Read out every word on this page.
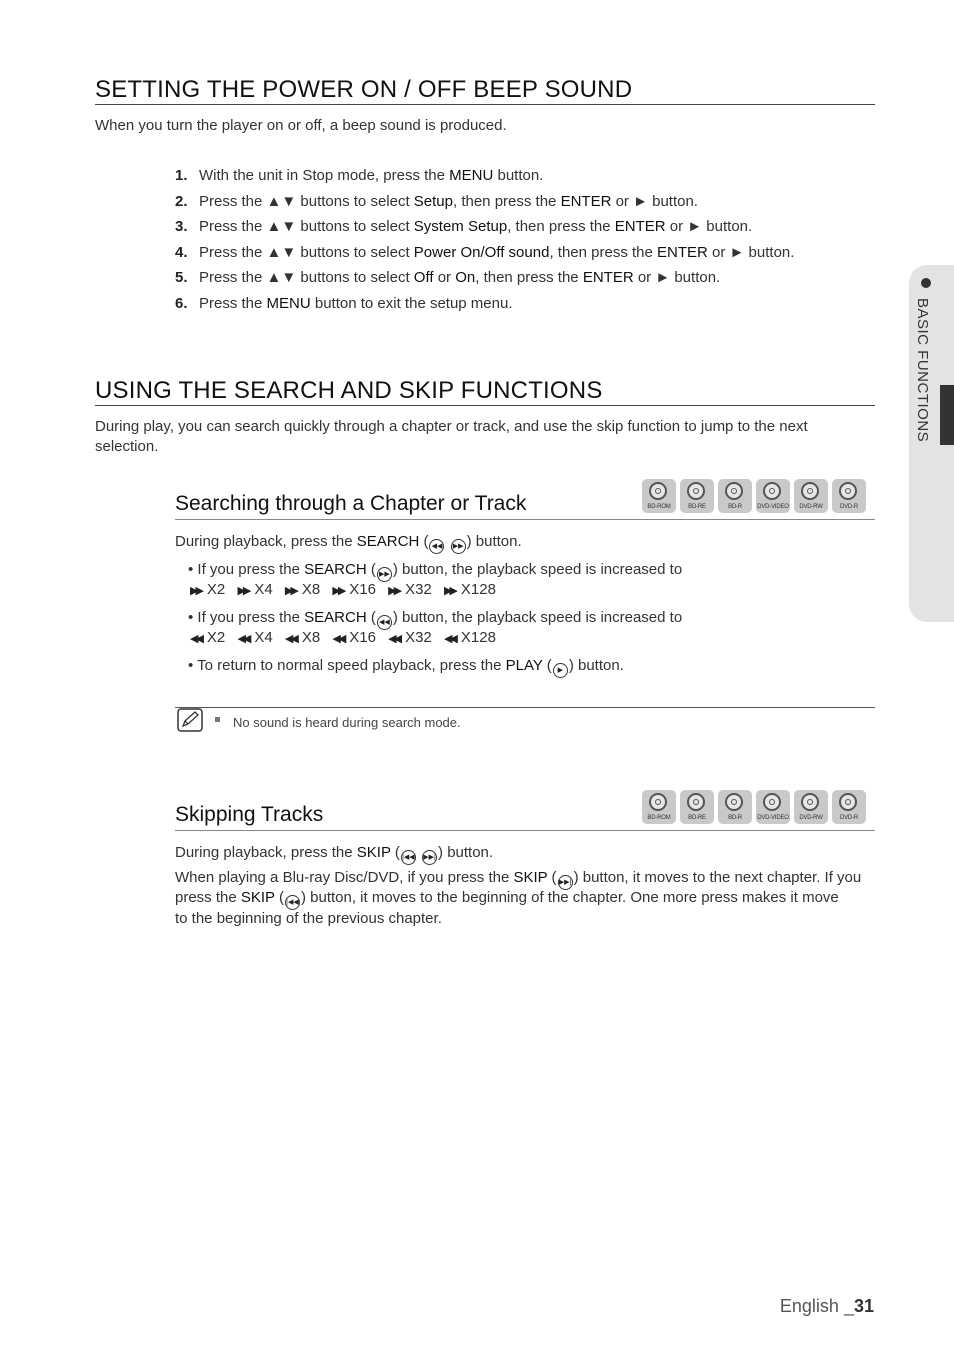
SETTING THE POWER ON / OFF BEEP SOUND
When you turn the player on or off, a beep sound is produced.
1. With the unit in Stop mode, press the MENU button.
2. Press the ▲▼ buttons to select Setup, then press the ENTER or ► button.
3. Press the ▲▼ buttons to select System Setup, then press the ENTER or ► button.
4. Press the ▲▼ buttons to select Power On/Off sound, then press the ENTER or ► button.
5. Press the ▲▼ buttons to select Off or On, then press the ENTER or ► button.
6. Press the MENU button to exit the setup menu.
USING THE SEARCH AND SKIP FUNCTIONS
During play, you can search quickly through a chapter or track, and use the skip function to jump to the next
selection.
Searching through a Chapter or Track	BD-ROM	BD-RE	BD-R	DVD-VIDEO	DVD-RW	DVD-R
During playback, press the SEARCH ( ◀◀ ▶▶ ) button.
• If you press the SEARCH ( ▶▶ ) button, the playback speed is increased to
▶▶ X2 ▶▶ X4 ▶▶ X8 ▶▶ X16 ▶▶ X32 ▶▶ X128
• If you press the SEARCH ( ◀◀ ) button, the playback speed is increased to
◀◀ X2 ◀◀ X4 ◀◀ X8 ◀◀ X16 ◀◀ X32 ◀◀ X128
• To return to normal speed playback, press the PLAY ( ▶ ) button.
No sound is heard during search mode.
Skipping Tracks	BD-ROM	BD-RE	BD-R	DVD-VIDEO	DVD-RW	DVD-R
During playback, press the SKIP ( |◀◀ ▶▶| ) button.
When playing a Blu-ray Disc/DVD, if you press the SKIP ( ▶▶| ) button, it moves to the next chapter. If you
press the SKIP ( |◀◀ ) button, it moves to the beginning of the chapter. One more press makes it move
to the beginning of the previous chapter.
BASIC FUNCTIONS
English _31
